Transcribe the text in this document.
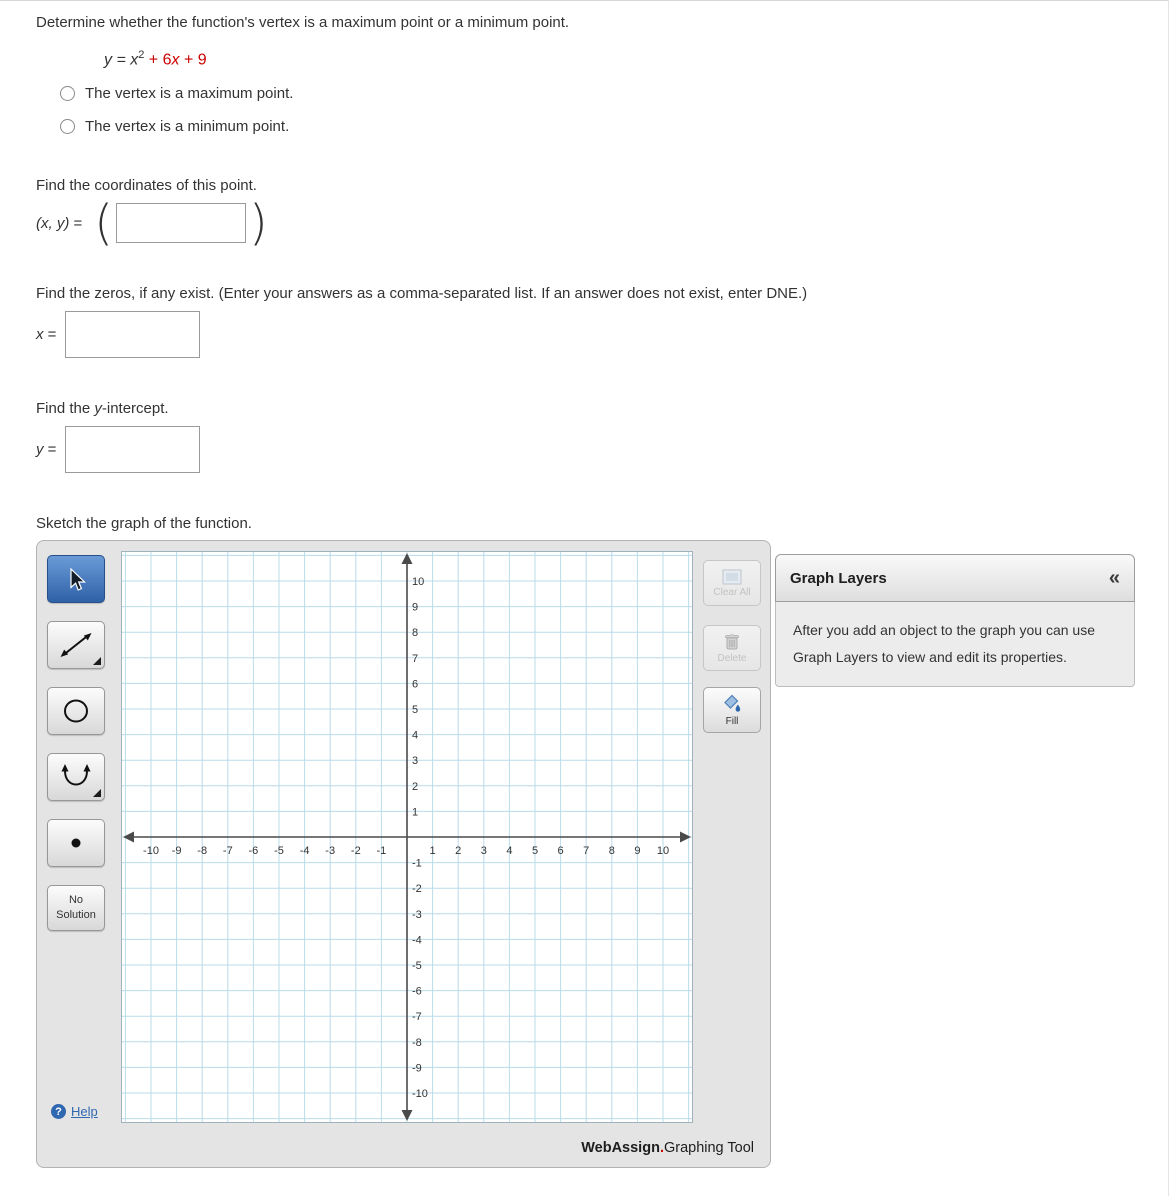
Determine whether the function's vertex is a maximum point or a minimum point.

$y = x^2 + 6x + 9$
The vertex is a maximum point.
The vertex is a minimum point.

Find the coordinates of this point.

(x, y) = (	)

Find the zeros, if any exist. (Enter your answers as a comma-separated list. If an answer does not exist, enter DNE.)

x =

Find the y-intercept.

y =

Sketch the graph of the function.

No Solution
? Help
-10 -9 -8 -7 -6 -5 -4 -3 -2 -1	1 2 3 4 5 6 7 8 9 10
10
9
8
7
6
5
4
3
2
1
-1
-2
-3
-4
-5
-6
-7
-8
-9
-10
Clear All
Delete
Fill
WebAssign . Graphing Tool
Graph Layers	«
After you add an object to the graph you can use Graph Layers to view and edit its properties.
